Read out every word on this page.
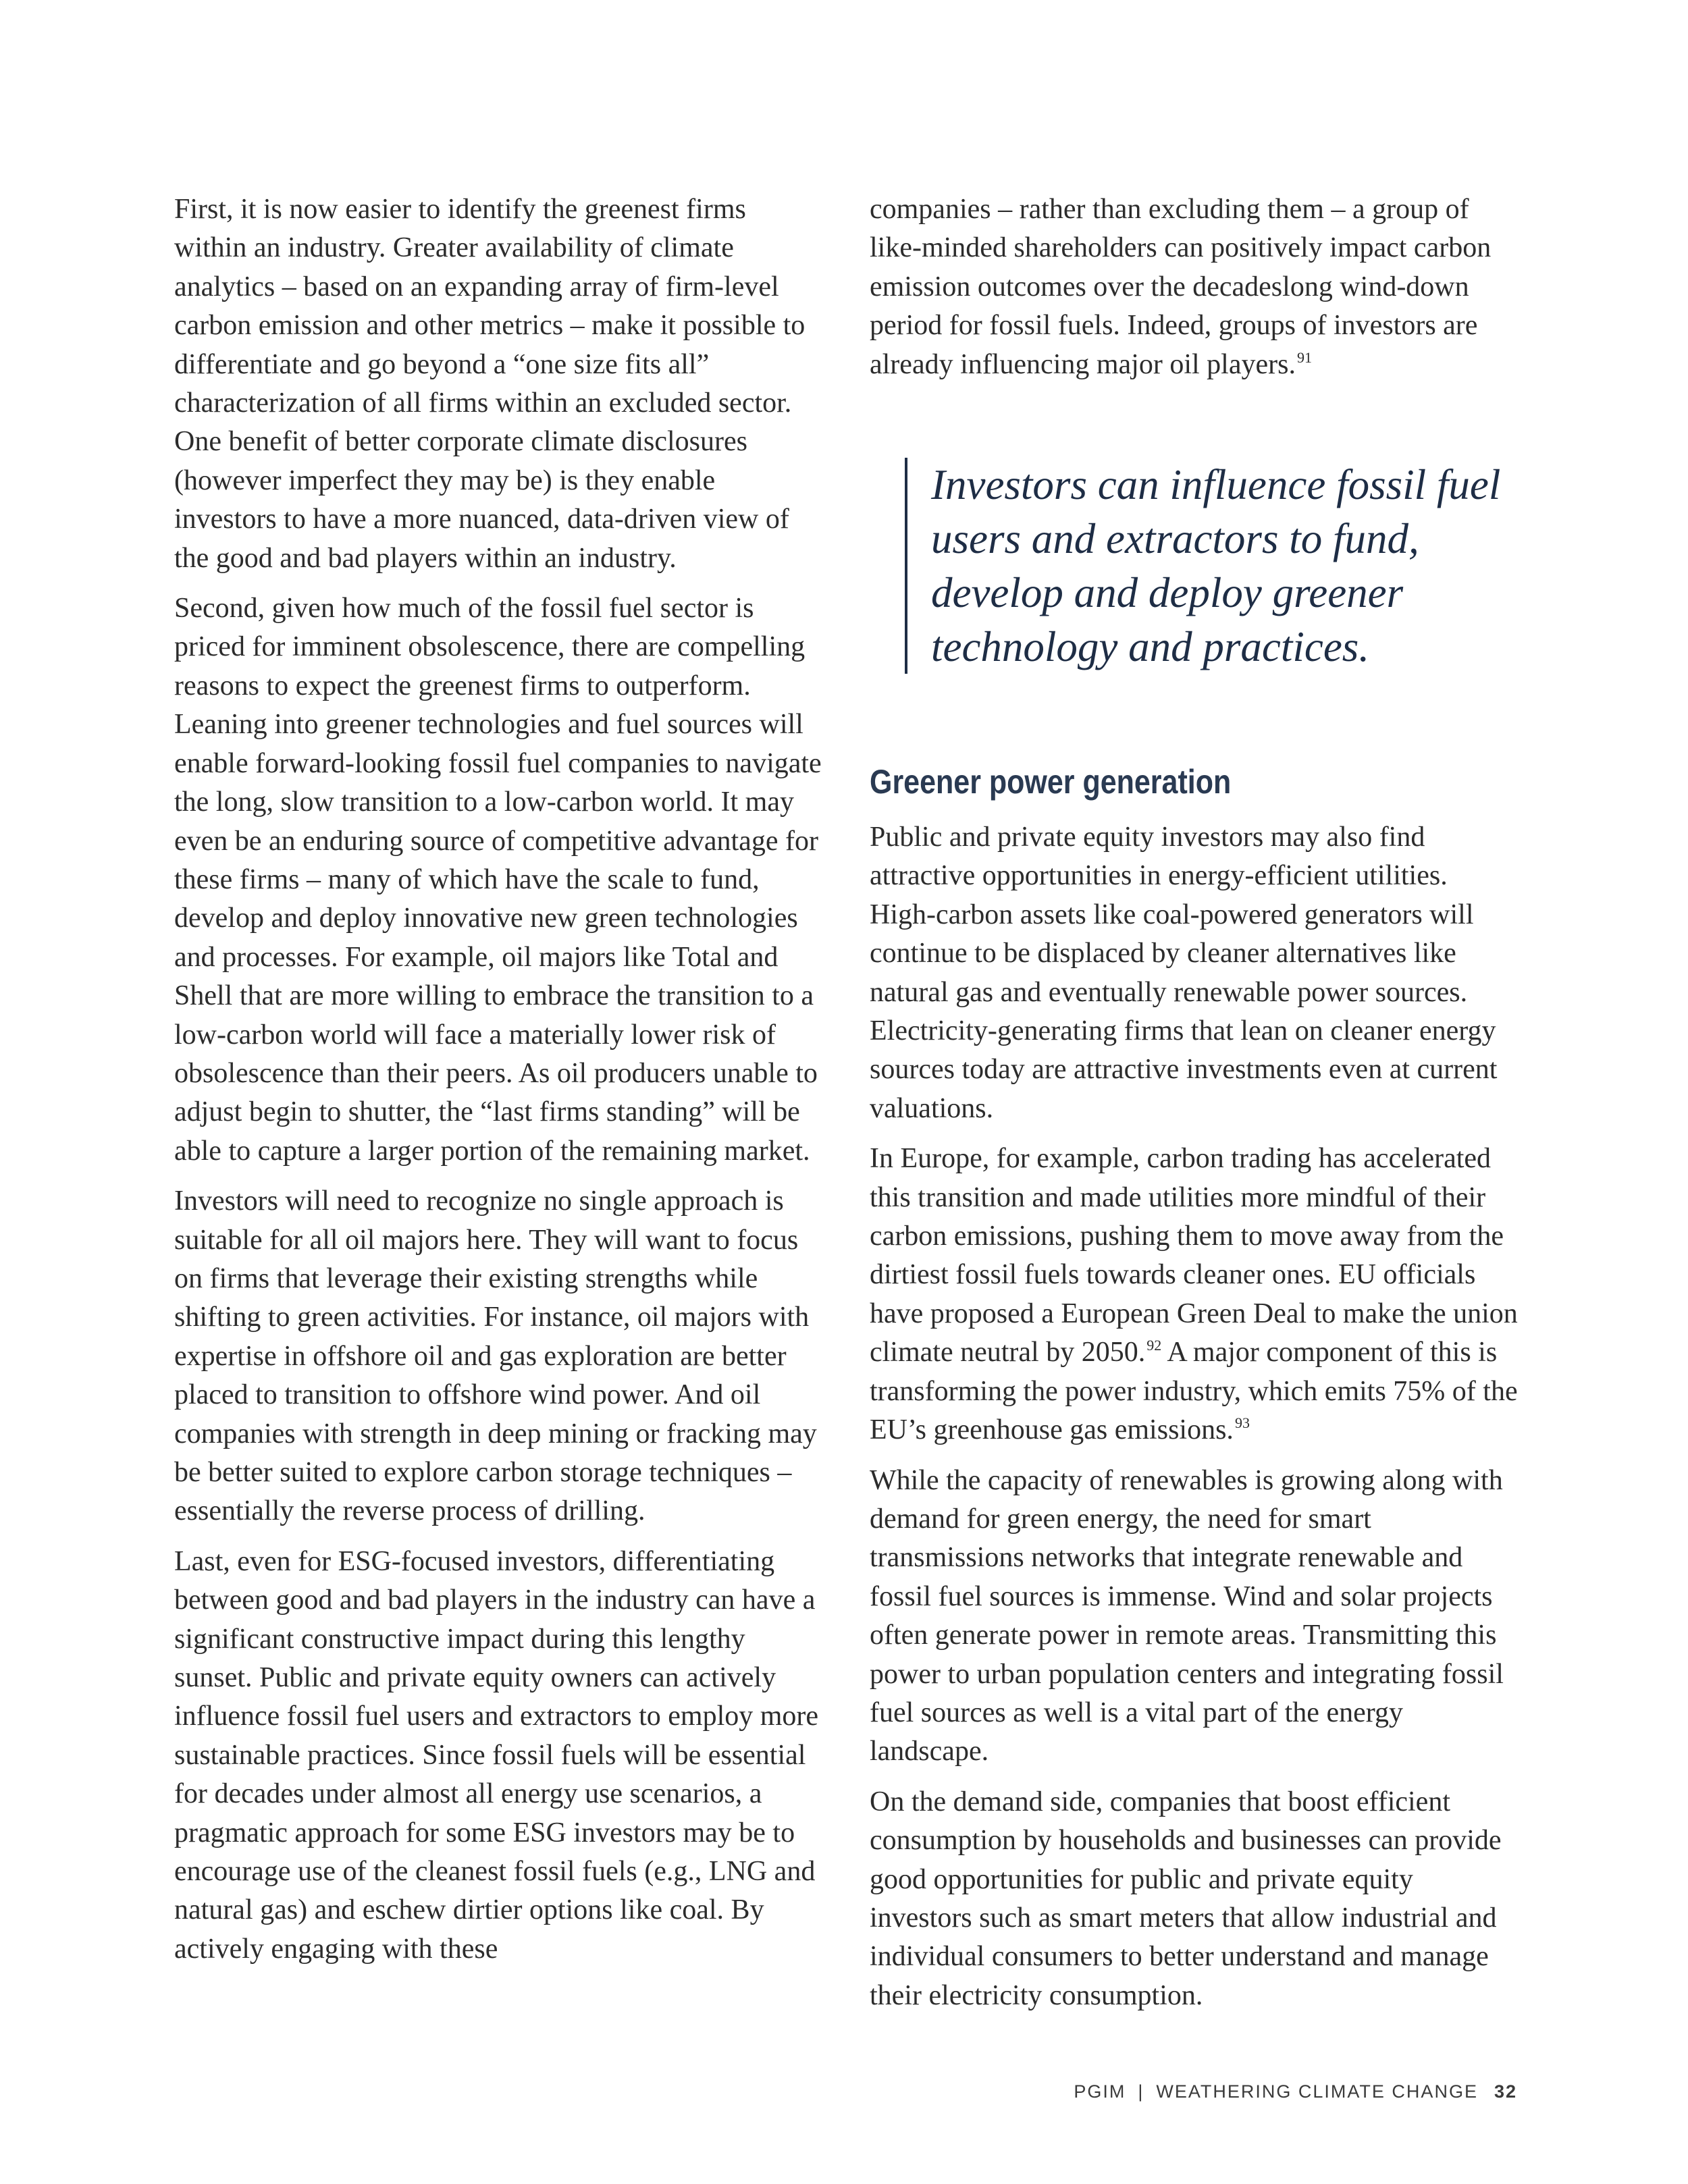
First, it is now easier to identify the greenest firms within an industry. Greater availability of climate analytics – based on an expanding array of firm-level carbon emission and other metrics – make it possible to differentiate and go beyond a “one size fits all” characterization of all firms within an excluded sector. One benefit of better corporate climate disclosures (however imperfect they may be) is they enable investors to have a more nuanced, data-driven view of the good and bad players within an industry.

Second, given how much of the fossil fuel sector is priced for imminent obsolescence, there are compelling reasons to expect the greenest firms to outperform. Leaning into greener technologies and fuel sources will enable forward-looking fossil fuel companies to navigate the long, slow transition to a low-carbon world. It may even be an enduring source of competitive advantage for these firms – many of which have the scale to fund, develop and deploy innovative new green technologies and processes. For example, oil majors like Total and Shell that are more willing to embrace the transition to a low-carbon world will face a materially lower risk of obsolescence than their peers. As oil producers unable to adjust begin to shutter, the “last firms standing” will be able to capture a larger portion of the remaining market.

Investors will need to recognize no single approach is suitable for all oil majors here. They will want to focus on firms that leverage their existing strengths while shifting to green activities. For instance, oil majors with expertise in offshore oil and gas exploration are better placed to transition to offshore wind power. And oil companies with strength in deep mining or fracking may be better suited to explore carbon storage techniques – essentially the reverse process of drilling.

Last, even for ESG-focused investors, differentiating between good and bad players in the industry can have a significant constructive impact during this lengthy sunset. Public and private equity owners can actively influence fossil fuel users and extractors to employ more sustainable practices. Since fossil fuels will be essential for decades under almost all energy use scenarios, a pragmatic approach for some ESG investors may be to encourage use of the cleanest fossil fuels (e.g., LNG and natural gas) and eschew dirtier options like coal. By actively engaging with these

companies – rather than excluding them – a group of like-minded shareholders can positively impact carbon emission outcomes over the decadeslong wind-down period for fossil fuels. Indeed, groups of investors are already influencing major oil players.$^{91}$

Investors can influence fossil fuel
users and extractors to fund,
develop and deploy greener
technology and practices.
Greener power generation

Public and private equity investors may also find attractive opportunities in energy-efficient utilities. High-carbon assets like coal-powered generators will continue to be displaced by cleaner alternatives like natural gas and eventually renewable power sources. Electricity-generating firms that lean on cleaner energy sources today are attractive investments even at current valuations.

In Europe, for example, carbon trading has accelerated this transition and made utilities more mindful of their carbon emissions, pushing them to move away from the dirtiest fossil fuels towards cleaner ones. EU officials have proposed a European Green Deal to make the union climate neutral by 2050.92 A major component of this is transforming the power industry, which emits 75% of the EU’s greenhouse gas emissions.$^{93}$

While the capacity of renewables is growing along with demand for green energy, the need for smart transmissions networks that integrate renewable and fossil fuel sources is immense. Wind and solar projects often generate power in remote areas. Transmitting this power to urban population centers and integrating fossil fuel sources as well is a vital part of the energy landscape.

On the demand side, companies that boost efficient consumption by households and businesses can provide good opportunities for public and private equity investors such as smart meters that allow industrial and individual consumers to better understand and manage their electricity consumption.

PGIM | WEATHERING CLIMATE CHANGE 32
